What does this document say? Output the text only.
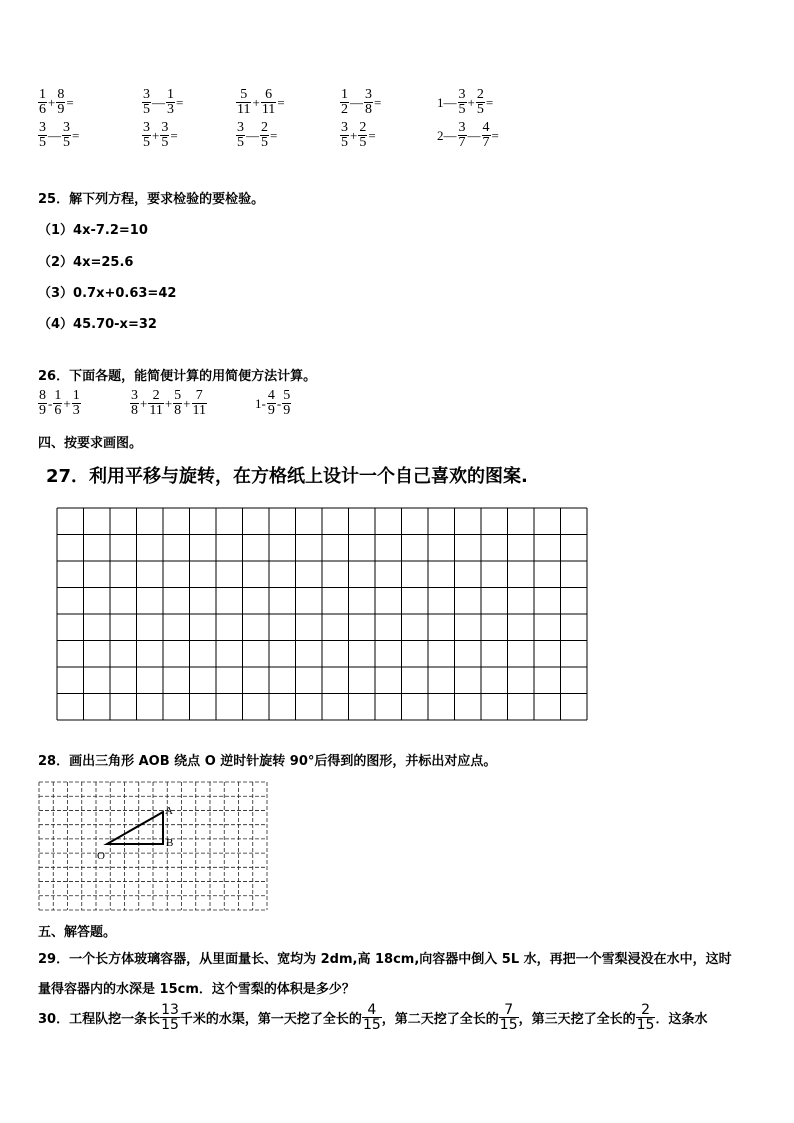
$\frac{1}{6} + \frac{8}{9}$ =	$\frac{3}{5}$ — $\frac{1}{3}$ =	$\frac{5}{11} + \frac{6}{11}$ =	$\frac{1}{2}$ — $\frac{3}{8}$ =	1— $\frac{3}{5} + \frac{2}{5}$ =
$\frac{3}{5}$ — $\frac{3}{5}$ =	$\frac{3}{5} + \frac{3}{5}$ =	$\frac{3}{5}$ — $\frac{2}{5}$ =	$\frac{3}{5} + \frac{2}{5}$ =	2— $\frac{3}{7}$ — $\frac{4}{7}$ =
25．解下列方程，要求检验的要检验。
（1）4x-7.2=10
（2）4x=25.6
（3）0.7x+0.63=42
（4）45.70-x=32
26．下面各题，能简便计算的用简便方法计算。
$\frac{8}{9} - \frac{1}{6} + \frac{1}{3}$	$\frac{3}{8} + \frac{2}{11} + \frac{5}{8} + \frac{7}{11}$	$1- \frac{4}{9} - \frac{5}{9}$
四、按要求画图。
27．利用平移与旋转，在方格纸上设计一个自己喜欢的图案.
28．画出三角形 AOB 绕点 O 逆时针旋转 90°后得到的图形，并标出对应点。
A
B
O
五、解答题。
29．一个长方体玻璃容器，从里面量长、宽均为 2dm,高 18cm,向容器中倒入 5L 水，再把一个雪梨浸没在水中，这时
量得容器内的水深是 15cm．这个雪梨的体积是多少？
30．工程队挖一条长 $\frac{13}{15}$ 千米的水渠，第一天挖了全长的 $\frac{4}{15}$ ，第二天挖了全长的 $\frac{7}{15}$ ，第三天挖了全长的 $\frac{2}{15}$ ．这条水
